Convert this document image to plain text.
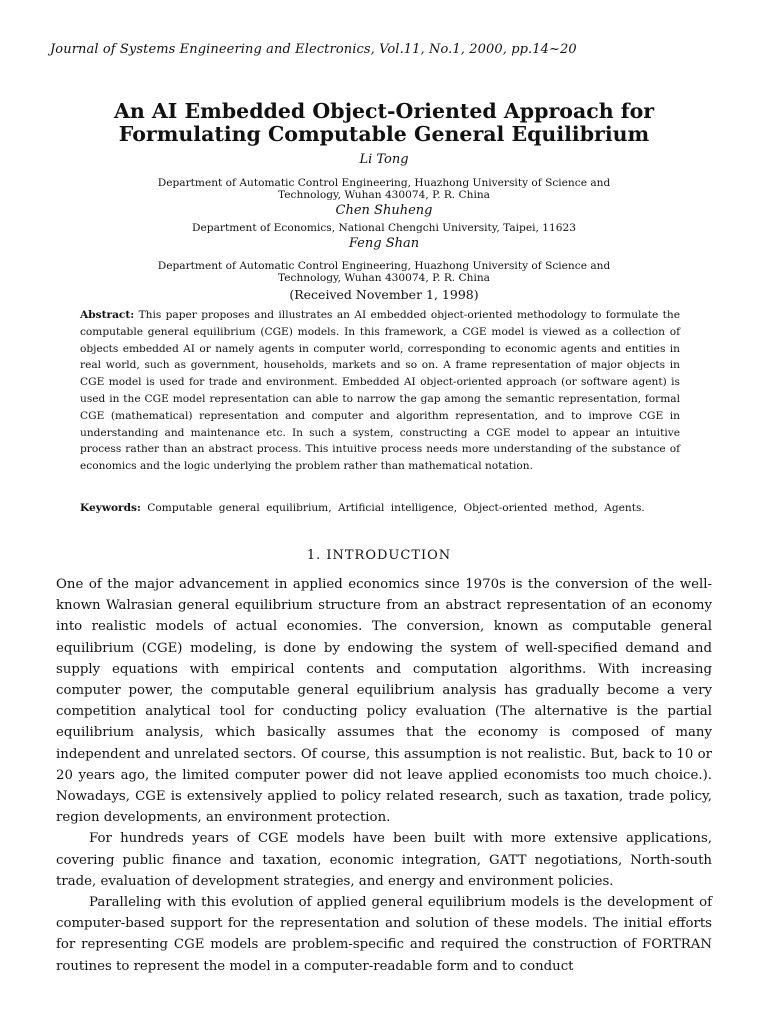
Journal of Systems Engineering and Electronics, Vol.11, No.1, 2000, pp.14~20
An AI Embedded Object-Oriented Approach for
Formulating Computable General Equilibrium
Li Tong
Department of Automatic Control Engineering, Huazhong University of Science and
Technology, Wuhan 430074, P. R. China
Chen Shuheng
Department of Economics, National Chengchi University, Taipei, 11623
Feng Shan
Department of Automatic Control Engineering, Huazhong University of Science and
Technology, Wuhan 430074, P. R. China
(Received November 1, 1998)
Abstract: This paper proposes and illustrates an AI embedded object-oriented methodology to formulate the computable general equilibrium (CGE) models. In this framework, a CGE model is viewed as a collection of objects embedded AI or namely agents in computer world, corresponding to economic agents and entities in real world, such as government, households, markets and so on. A frame representation of major objects in CGE model is used for trade and environment. Embedded AI object-oriented approach (or software agent) is used in the CGE model representation can able to narrow the gap among the semantic representation, formal CGE (mathematical) representation and computer and algorithm representation, and to improve CGE in understanding and maintenance etc. In such a system, constructing a CGE model to appear an intuitive process rather than an abstract process. This intuitive process needs more understanding of the substance of economics and the logic underlying the problem rather than mathematical notation.
Keywords: Computable general equilibrium, Artificial intelligence, Object-oriented method, Agents.
1. INTRODUCTION

One of the major advancement in applied economics since 1970s is the conversion of the well-known Walrasian general equilibrium structure from an abstract representation of an economy into realistic models of actual economies. The conversion, known as computable general equilibrium (CGE) modeling, is done by endowing the system of well-specified demand and supply equations with empirical contents and computation algorithms. With increasing computer power, the computable general equilibrium analysis has gradually become a very competition analytical tool for conducting policy evaluation (The alternative is the partial equilibrium analysis, which basically assumes that the economy is composed of many independent and unrelated sectors. Of course, this assumption is not realistic. But, back to 10 or 20 years ago, the limited computer power did not leave applied economists too much choice.). Nowadays, CGE is extensively applied to policy related research, such as taxation, trade policy, region developments, an environment protection.

For hundreds years of CGE models have been built with more extensive applications, covering public finance and taxation, economic integration, GATT negotiations, North-south trade, evaluation of development strategies, and energy and environment policies.

Paralleling with this evolution of applied general equilibrium models is the development of computer-based support for the representation and solution of these models. The initial efforts for representing CGE models are problem-specific and required the construction of FORTRAN routines to represent the model in a computer-readable form and to conduct
